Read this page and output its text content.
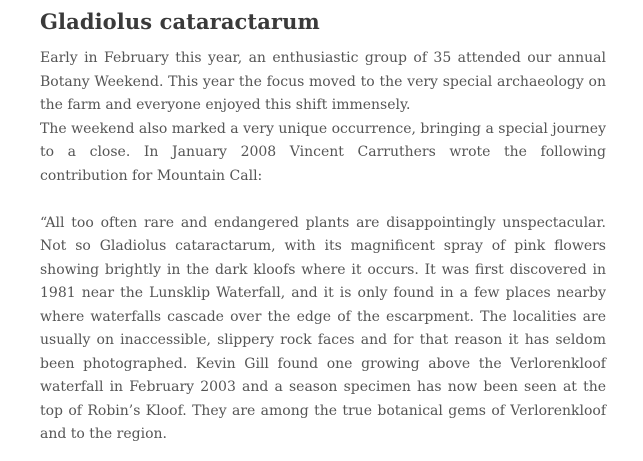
Gladiolus cataractarum

Early in February this year, an enthusiastic group of 35 attended our annual Botany Weekend. This year the focus moved to the very special archaeology on the farm and everyone enjoyed this shift immensely.

The weekend also marked a very unique occurrence, bringing a special journey to a close. In January 2008 Vincent Carruthers wrote the following contribution for Mountain Call:

“All too often rare and endangered plants are disappointingly unspectacular. Not so Gladiolus cataractarum, with its magnificent spray of pink flowers showing brightly in the dark kloofs where it occurs. It was first discovered in 1981 near the Lunsklip Waterfall, and it is only found in a few places nearby where waterfalls cascade over the edge of the escarpment. The localities are usually on inaccessible, slippery rock faces and for that reason it has seldom been photographed. Kevin Gill found one growing above the Verlorenkloof waterfall in February 2003 and a season specimen has now been seen at the top of Robin’s Kloof. They are among the true botanical gems of Verlorenkloof and to the region.
